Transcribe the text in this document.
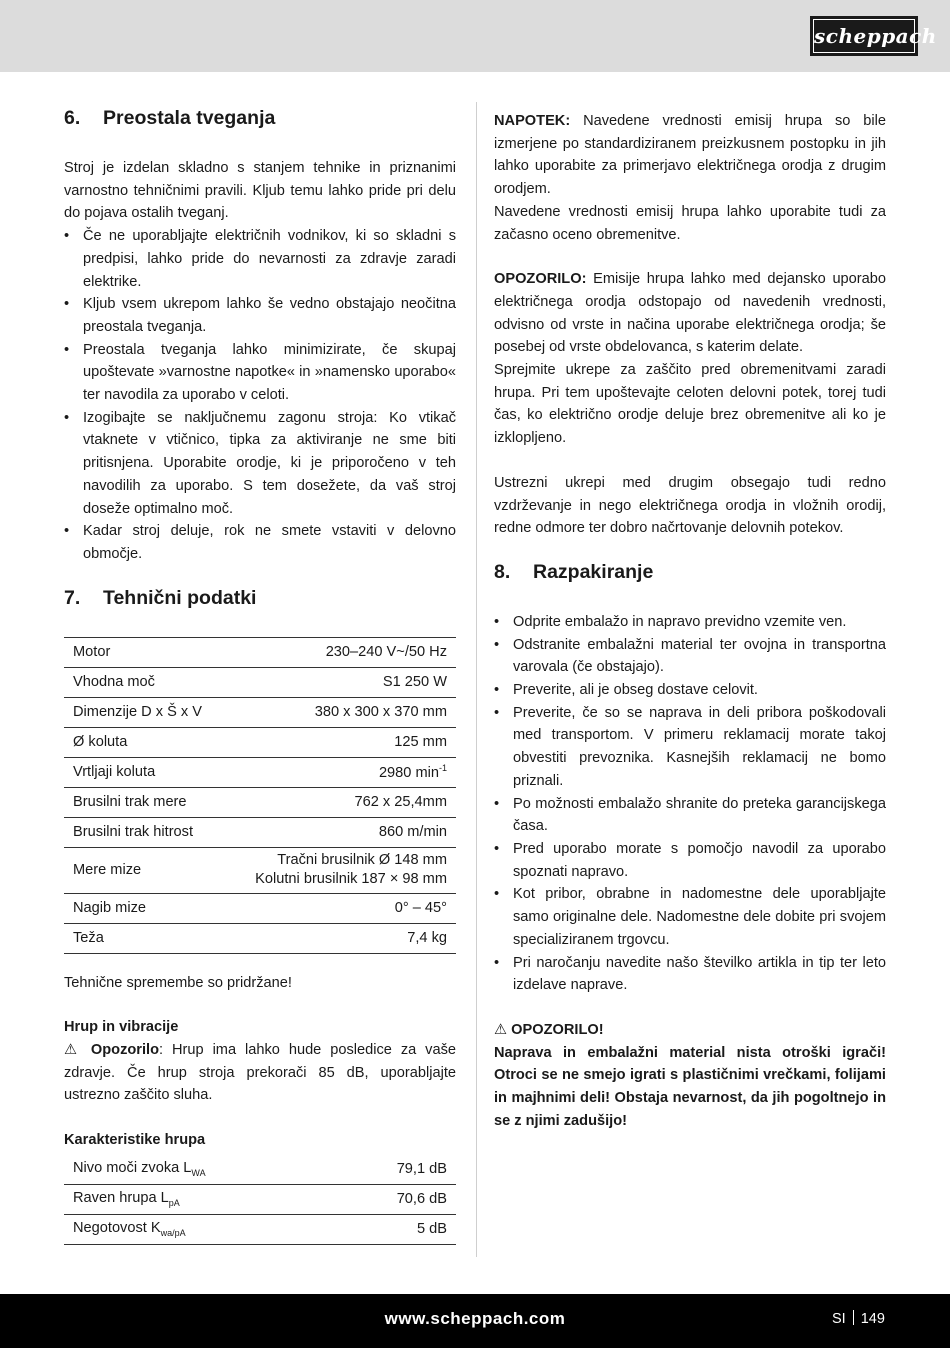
scheppach
6.	Preostala tveganja

Stroj je izdelan skladno s stanjem tehnike in priznanimi varnostno tehničnimi pravili. Kljub temu lahko pride pri delu do pojava ostalih tveganj.

• Če ne uporabljajte električnih vodnikov, ki so skladni s predpisi, lahko pride do nevarnosti za zdravje zaradi elektrike.
• Kljub vsem ukrepom lahko še vedno obstajajo neočitna preostala tveganja.
• Preostala tveganja lahko minimizirate, če skupaj upoštevate »varnostne napotke« in »namensko uporabo« ter navodila za uporabo v celoti.
• Izogibajte se naključnemu zagonu stroja: Ko vtikač vtaknete v vtičnico, tipka za aktiviranje ne sme biti pritisnjena. Uporabite orodje, ki je priporočeno v teh navodilih za uporabo. S tem dosežete, da vaš stroj doseže optimalno moč.
• Kadar stroj deluje, rok ne smete vstaviti v delovno območje.
7.	Tehnični podatki
Motor	230–240 V~/50 Hz
Vhodna moč	S1 250 W
Dimenzije D x Š x V	380 x 300 x 370 mm
Ø koluta	125 mm
Vrtljaji koluta	2980 $\min^{-1}$
Brusilni trak mere	762 x 25,4mm
Brusilni trak hitrost	860 m/min
Mere mize	Tračni brusilnik Ø 148 mm
Kolutni brusilnik 187 × 98 mm

Nagib mize	0° – 45°
Teža	7,4 kg

Tehnične spremembe so pridržane!

Hrup in vibracije

⚠ Opozorilo: Hrup ima lahko hude posledice za vaše zdravje. Če hrup stroja prekorači 85 dB, uporabljajte ustrezno zaščito sluha.

Karakteristike hrupa

Nivo moči zvoka $L_{WA}$	79,1 dB
Raven hrupa $L_{pA}$	70,6 dB
Negotovost $K_{wa/pA}$	5 dB

NAPOTEK: Navedene vrednosti emisij hrupa so bile izmerjene po standardiziranem preizkusnem postopku in jih lahko uporabite za primerjavo električnega orodja z drugim orodjem.

Navedene vrednosti emisij hrupa lahko uporabite tudi za začasno oceno obremenitve.

OPOZORILO: Emisije hrupa lahko med dejansko uporabo električnega orodja odstopajo od navedenih vrednosti, odvisno od vrste in načina uporabe električnega orodja; še posebej od vrste obdelovanca, s katerim delate.

Sprejmite ukrepe za zaščito pred obremenitvami zaradi hrupa. Pri tem upoštevajte celoten delovni potek, torej tudi čas, ko električno orodje deluje brez obremenitve ali ko je izklopljeno.

Ustrezni ukrepi med drugim obsegajo tudi redno vzdrževanje in nego električnega orodja in vložnih orodij, redne odmore ter dobro načrtovanje delovnih potekov.

8.	Razpakiranje
• Odprite embalažo in napravo previdno vzemite ven.
• Odstranite embalažni material ter ovojna in transportna varovala (če obstajajo).
• Preverite, ali je obseg dostave celovit.
• Preverite, če so se naprava in deli pribora poškodovali med transportom. V primeru reklamacij morate takoj obvestiti prevoznika. Kasnejših reklamacij ne bomo priznali.
• Po možnosti embalažo shranite do preteka garancijskega časa.
• Pred uporabo morate s pomočjo navodil za uporabo spoznati napravo.
• Kot pribor, obrabne in nadomestne dele uporabljajte samo originalne dele. Nadomestne dele dobite pri svojem specializiranem trgovcu.
• Pri naročanju navedite našo številko artikla in tip ter leto izdelave naprave.

⚠ OPOZORILO!

Naprava in embalažni material nista otroški igrači! Otroci se ne smejo igrati s plastičnimi vrečkami, folijami in majhnimi deli! Obstaja nevarnost, da jih pogoltnejo in se z njimi zadušijo!

www.scheppach.com	SI 149
